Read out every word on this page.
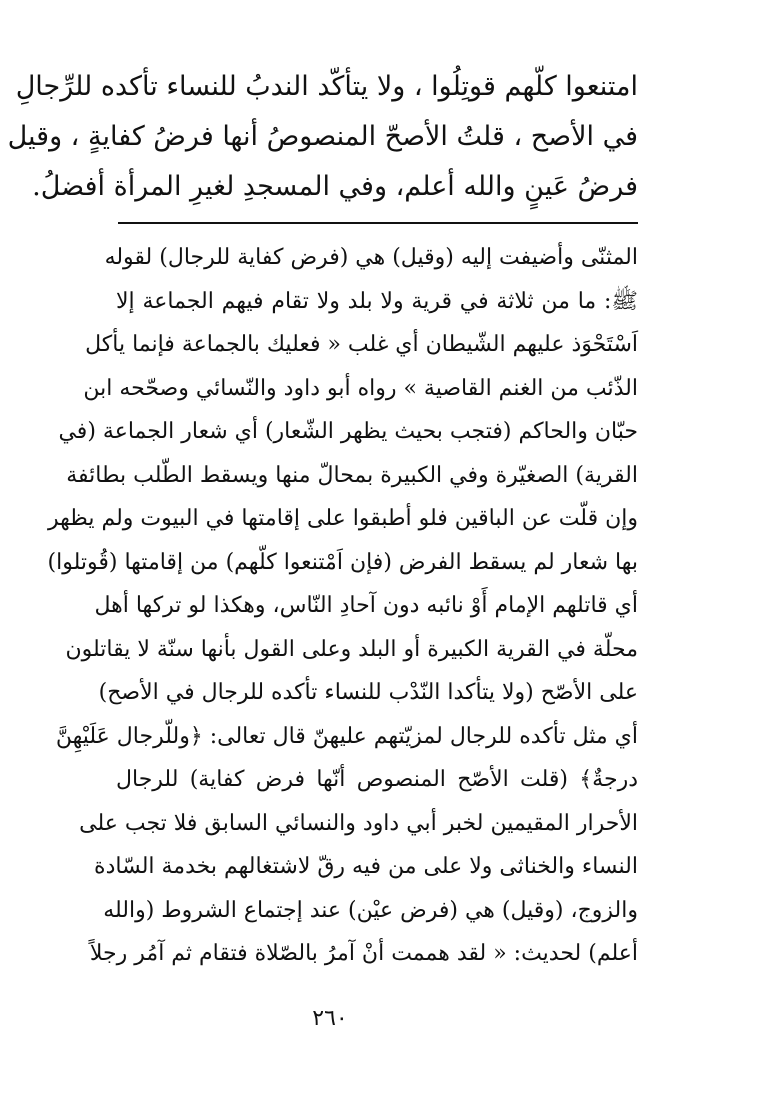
امتنعوا كلّهم قوتِلُوا ، ولا يتأكّد الندبُ للنساء تأكده للرِّجالِ
في الأصح ، قلتُ الأصحّ المنصوصُ أنها فرضُ كفايةٍ ، وقيل
فرضُ عَينٍ والله أعلم، وفي المسجدِ لغيرِ المرأة أفضلُ.
المثنّى وأضيفت إليه (وقيل) هي (فرض كفاية للرجال) لقوله
ﷺ: ما من ثلاثة في قرية ولا بلد ولا تقام فيهم الجماعة إلا
اَسْتَحْوَذ عليهم الشّيطان أي غلب « فعليك بالجماعة فإنما يأكل
الذّئب من الغنم القاصية » رواه أبو داود والنّسائي وصحّحه ابن
حبّان والحاكم (فتجب بحيث يظهر الشّعار) أي شعار الجماعة (في
القرية) الصغيّرة وفي الكبيرة بمحالّ منها ويسقط الطّلب بطائفة
وإن قلّت عن الباقين فلو أطبقوا على إقامتها في البيوت ولم يظهر
بها شعار لم يسقط الفرض (فإن اَمْتنعوا كلّهم) من إقامتها (قُوتلوا)
أي قاتلهم الإمام أَوْ نائبه دون آحادِ النّاس، وهكذا لو تركها أهل
محلّة في القرية الكبيرة أو البلد وعلى القول بأنها سنّة لا يقاتلون
على الأصّح (ولا يتأكدا النّدْب للنساء تأكده للرجال في الأصح)
أي مثل تأكده للرجال لمزيّتهم عليهنّ قال تعالى: ﴿وللّرجال عَلَيْهِنَّ
درجةٌ﴾ (قلت الأصّح المنصوص أنّها فرض كفاية) للرجال
الأحرار المقيمين لخبر أبي داود والنسائي السابق فلا تجب على
النساء والخناثى ولا على من فيه رقّ لاشتغالهم بخدمة السّادة
والزوج، (وقيل) هي (فرض عيْن) عند إجتماع الشروط (والله
أعلم) لحديث: « لقد هممت أنْ آمرُ بالصّلاة فتقام ثم آمُر رجلاً
٢٦٠
